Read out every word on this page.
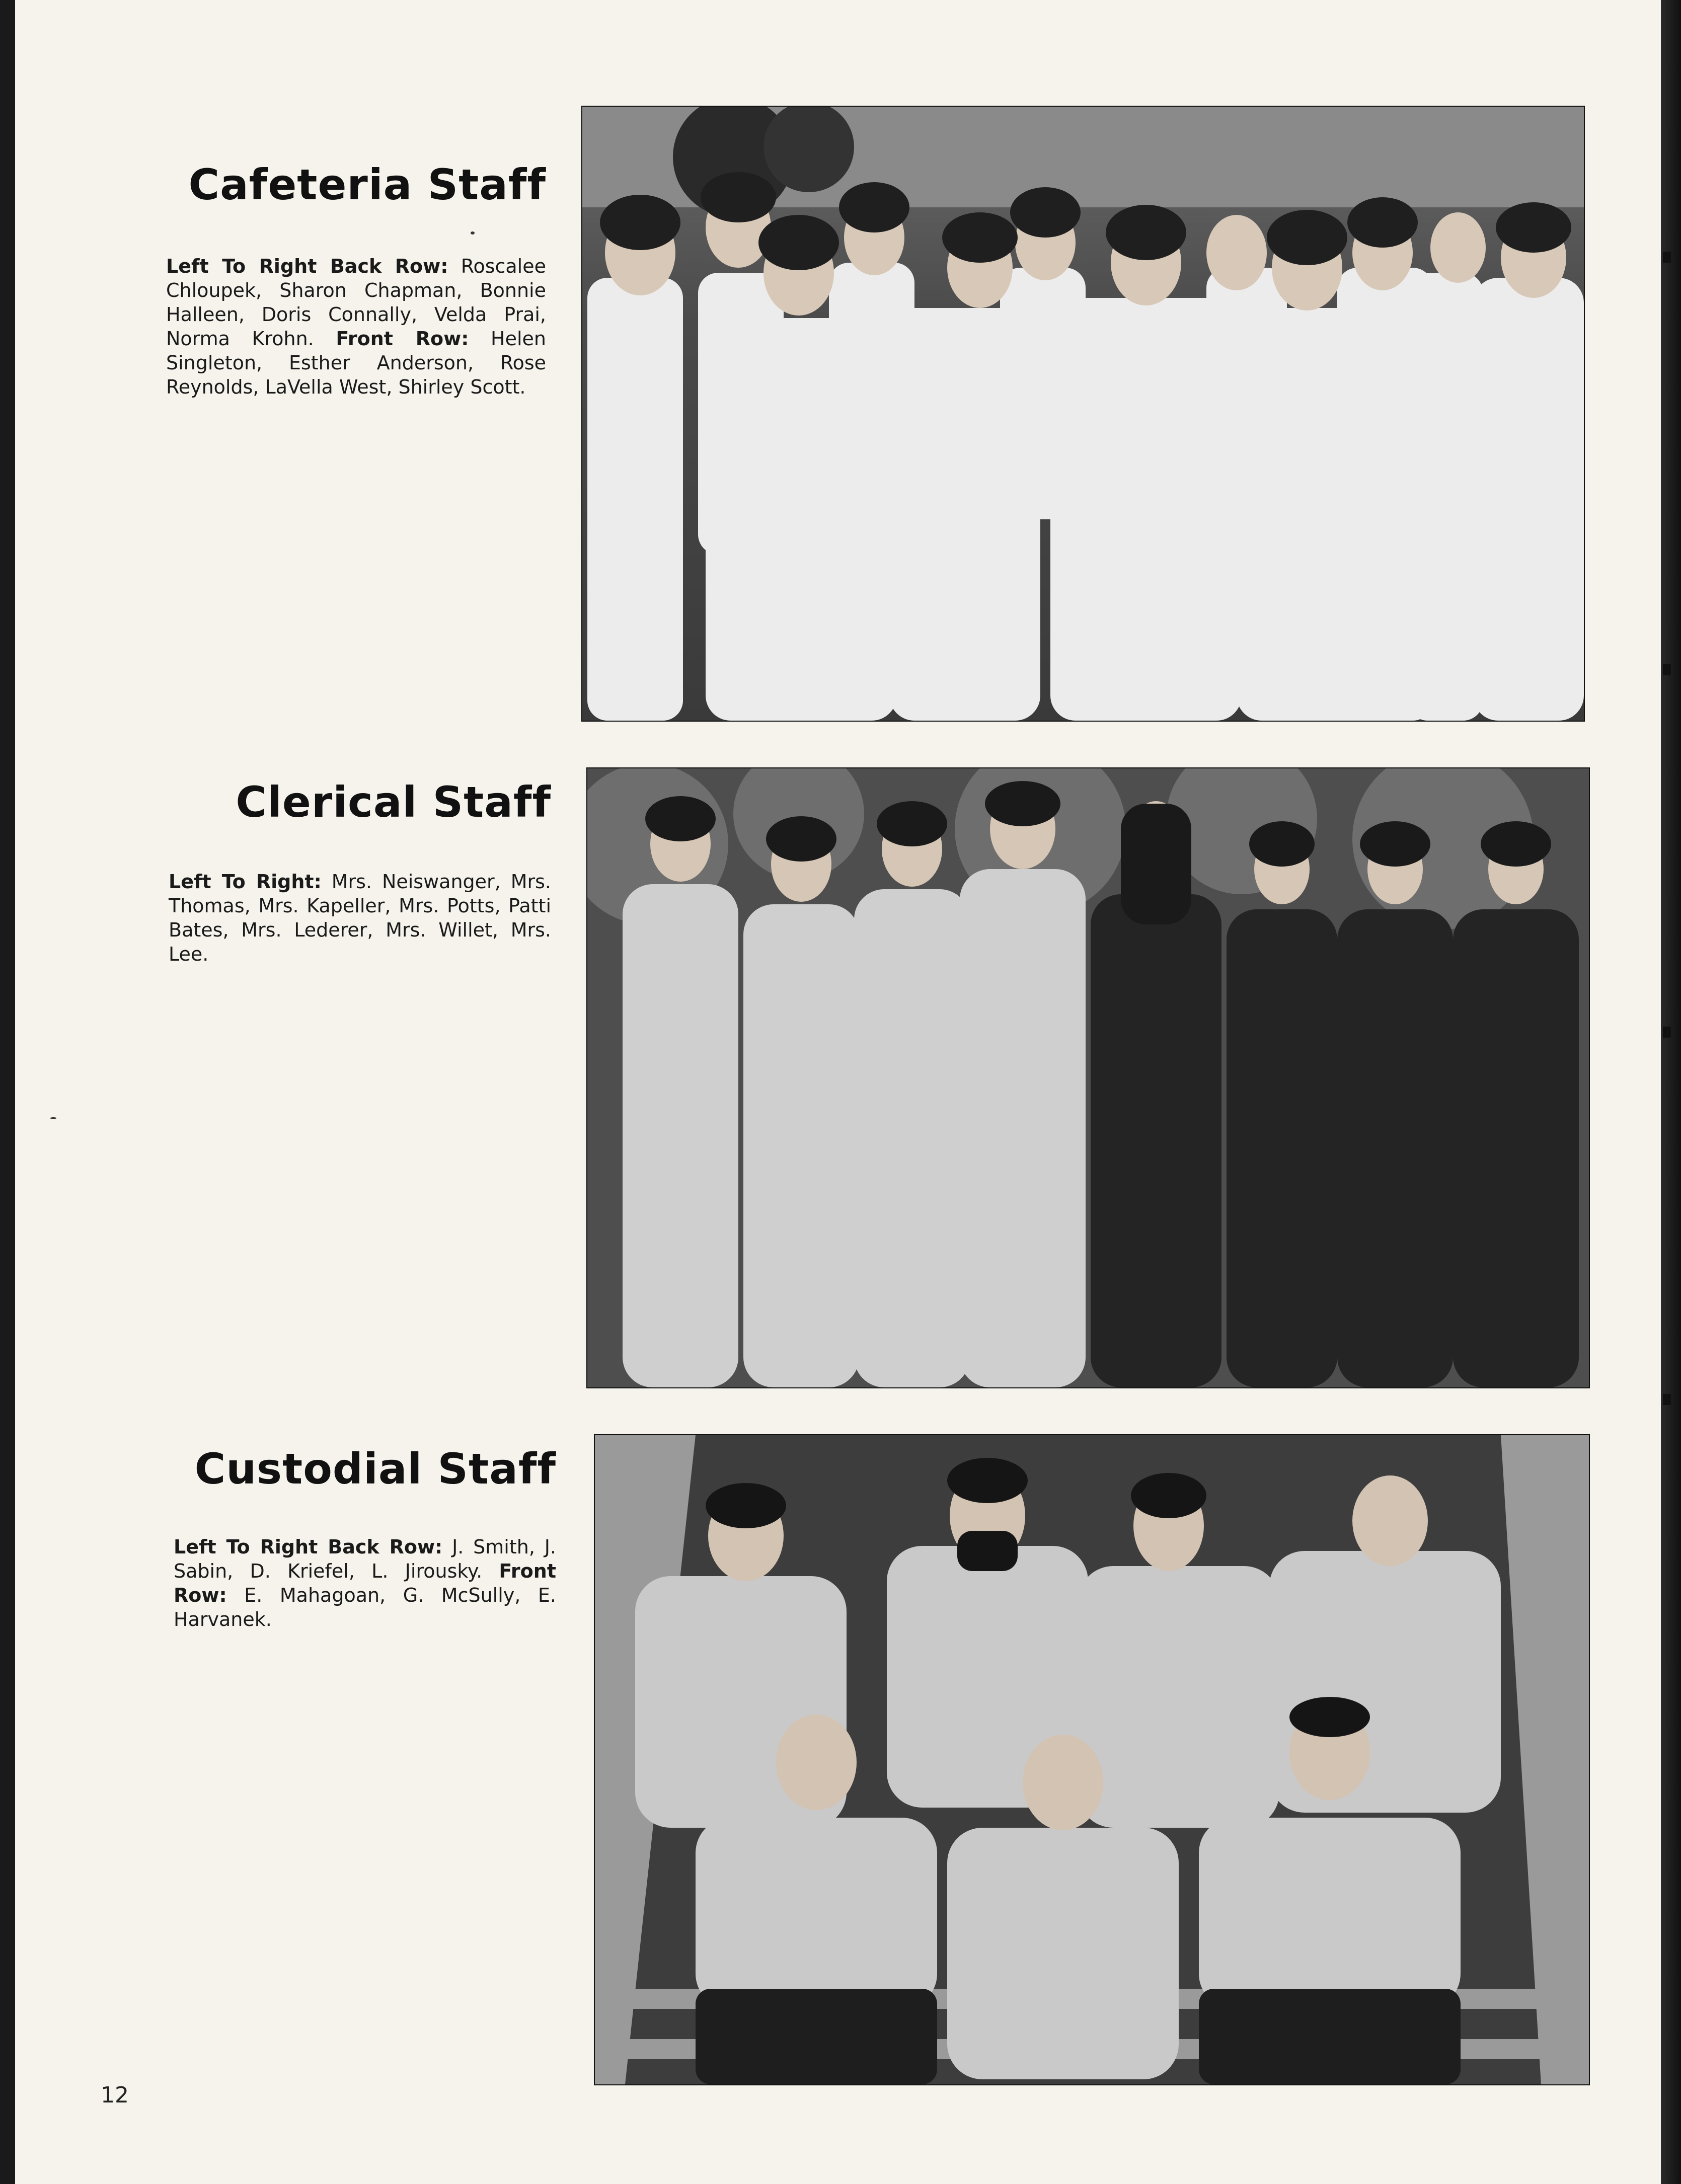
Cafeteria Staff
Left To Right Back Row: Roscalee Chloupek, Sharon Chapman, Bonnie Halleen, Doris Connally, Velda Prai, Norma Krohn. Front Row: Helen Singleton, Esther Anderson, Rose Reynolds, LaVella West, Shirley Scott.
Clerical Staff
Left To Right: Mrs. Neiswanger, Mrs. Thomas, Mrs. Kapeller, Mrs. Potts, Patti Bates, Mrs. Lederer, Mrs. Willet, Mrs. Lee.
Custodial Staff
Left To Right Back Row: J. Smith, J. Sabin, D. Kriefel, L. Jirousky. Front Row: E. Mahagoan, G. McSully, E. Harvanek.
12
